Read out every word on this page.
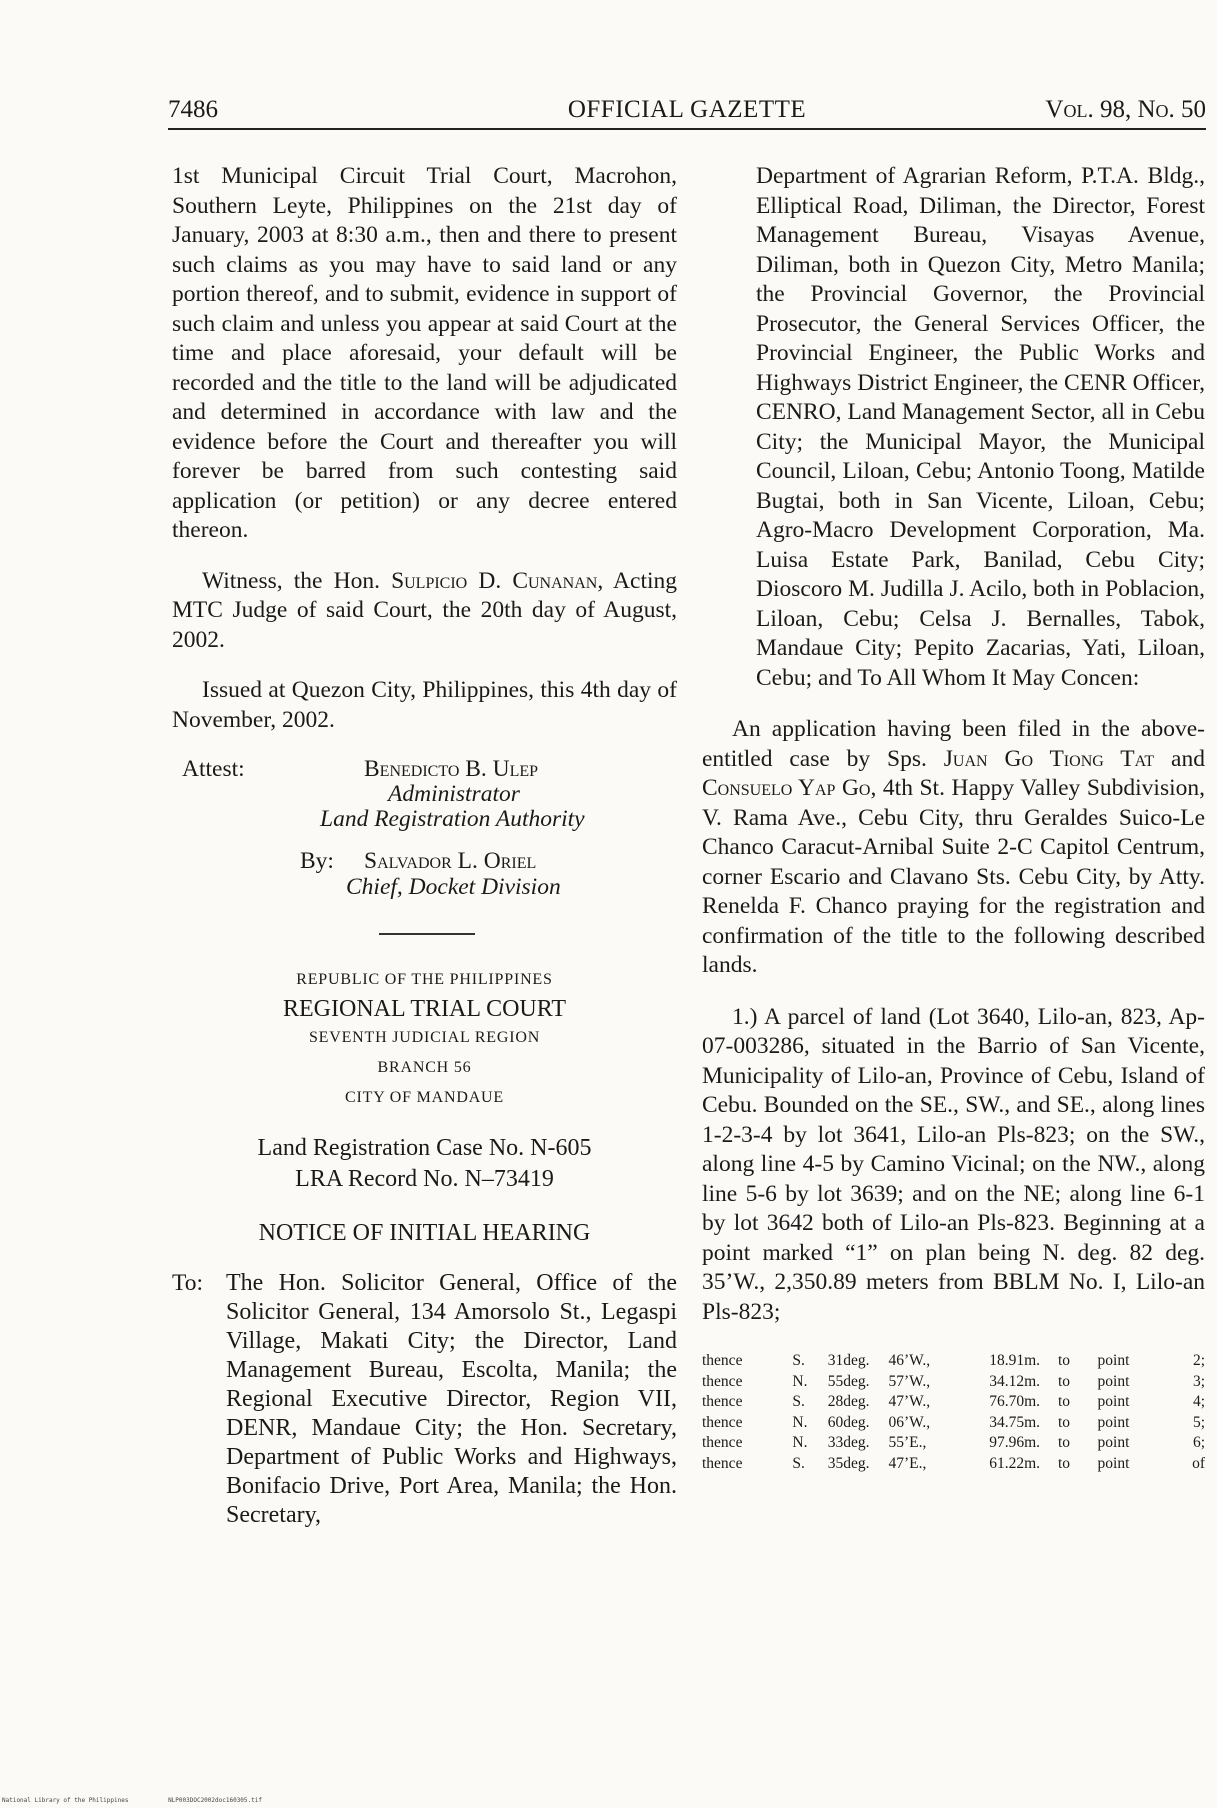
7486	OFFICIAL GAZETTE	Vol. 98, No. 50

1st Municipal Circuit Trial Court, Macrohon, Southern Leyte, Philippines on the 21st day of January, 2003 at 8:30 a.m., then and there to present such claims as you may have to said land or any portion thereof, and to submit, evidence in support of such claim and unless you appear at said Court at the time and place aforesaid, your default will be recorded and the title to the land will be adjudicated and determined in accordance with law and the evidence before the Court and thereafter you will forever be barred from such contesting said application (or petition) or any decree entered thereon.

Witness, the Hon. Sulpicio D. Cunanan, Acting MTC Judge of said Court, the 20th day of August, 2002.

Issued at Quezon City, Philippines, this 4th day of November, 2002.

Attest:	Benedicto B. Ulep
Administrator
Land Registration Authority
By: Salvador L. Oriel
Chief, Docket Division
REPUBLIC OF THE PHILIPPINES
REGIONAL TRIAL COURT
SEVENTH JUDICIAL REGION
BRANCH 56
CITY OF MANDAUE
Land Registration Case No. N-605
LRA Record No. N–73419
NOTICE OF INITIAL HEARING
To: The Hon. Solicitor General, Office of the Solicitor General, 134 Amorsolo St., Legaspi Village, Makati City; the Director, Land Management Bureau, Escolta, Manila; the Regional Executive Director, Region VII, DENR, Mandaue City; the Hon. Secretary, Department of Public Works and Highways, Bonifacio Drive, Port Area, Manila; the Hon. Secretary,

Department of Agrarian Reform, P.T.A. Bldg., Elliptical Road, Diliman, the Director, Forest Management Bureau, Visayas Avenue, Diliman, both in Quezon City, Metro Manila; the Provincial Governor, the Provincial Prosecutor, the General Services Officer, the Provincial Engineer, the Public Works and Highways District Engineer, the CENR Officer, CENRO, Land Management Sector, all in Cebu City; the Municipal Mayor, the Municipal Council, Liloan, Cebu; Antonio Toong, Matilde Bugtai, both in San Vicente, Liloan, Cebu; Agro-Macro Development Corporation, Ma. Luisa Estate Park, Banilad, Cebu City; Dioscoro M. Judilla J. Acilo, both in Poblacion, Liloan, Cebu; Celsa J. Bernalles, Tabok, Mandaue City; Pepito Zacarias, Yati, Liloan, Cebu; and To All Whom It May Concen:

An application having been filed in the above-entitled case by Sps. Juan Go Tiong Tat and Consuelo Yap Go, 4th St. Happy Valley Subdivision, V. Rama Ave., Cebu City, thru Geraldes Suico-Le Chanco Caracut-Arnibal Suite 2-C Capitol Centrum, corner Escario and Clavano Sts. Cebu City, by Atty. Renelda F. Chanco praying for the registration and confirmation of the title to the following described lands.

1.) A parcel of land (Lot 3640, Lilo-an, 823, Ap-07-003286, situated in the Barrio of San Vicente, Municipality of Lilo-an, Province of Cebu, Island of Cebu. Bounded on the SE., SW., and SE., along lines 1-2-3-4 by lot 3641, Lilo-an Pls-823; on the SW., along line 4-5 by Camino Vicinal; on the NW., along line 5-6 by lot 3639; and on the NE; along line 6-1 by lot 3642 both of Lilo-an Pls-823. Beginning at a point marked “1” on plan being N. deg. 82 deg. 35’W., 2,350.89 meters from BBLM No. I, Lilo-an Pls-823;

thence	S.	31	deg.	46’W.,	18.91	m.	to	point	2;
thence	N.	55	deg.	57’W.,	34.12	m.	to	point	3;
thence	S.	28	deg.	47’W.,	76.70	m.	to	point	4;
thence	N.	60	deg.	06’W.,	34.75	m.	to	point	5;
thence	N.	33	deg.	55’E.,	97.96	m.	to	point	6;
thence	S.	35	deg.	47’E.,	61.22	m.	to	point	of
National Library of the Philippines	NLP003DOC2002doc160305.tif
